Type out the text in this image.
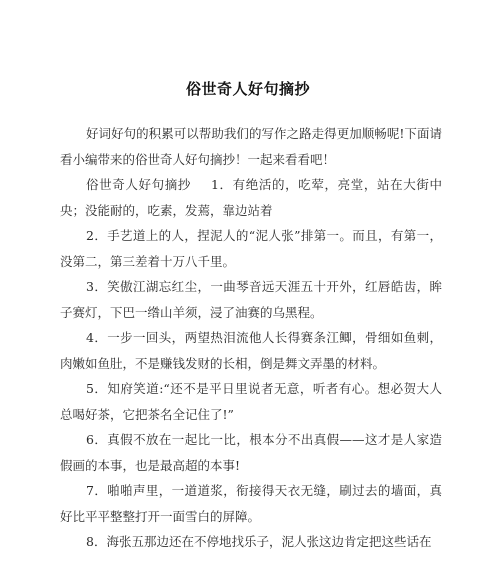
俗世奇人好句摘抄

好词好句的积累可以帮助我们的写作之路走得更加顺畅呢!下面请看小编带来的俗世奇人好句摘抄！一起来看看吧！

俗世奇人好句摘抄 1．有绝活的，吃荤，亮堂，站在大街中央；没能耐的，吃素，发蔫，靠边站着

2．手艺道上的人，捏泥人的“泥人张”排第一。而且，有第一，没第二，第三差着十万八千里。

3．笑傲江湖忘红尘，一曲琴音远天涯五十开外，红唇皓齿，眸子赛灯，下巴一绺山羊须，浸了油赛的乌黑程。

4．一步一回头，两望热泪流他人长得赛条江鲫，骨细如鱼刺，肉嫩如鱼肚，不是赚钱发财的长相，倒是舞文弄墨的材料。

5．知府笑道:“还不是平日里说者无意，听者有心。想必贺大人总喝好茶，它把茶名全记住了!”

6．真假不放在一起比一比，根本分不出真假——这才是人家造假画的本事，也是最高超的本事!

7．啪啪声里，一道道浆，衔接得天衣无缝，刷过去的墙面，真好比平平整整打开一面雪白的屏障。

8．海张五那边还在不停地找乐子，泥人张这边肯定把这些话在
